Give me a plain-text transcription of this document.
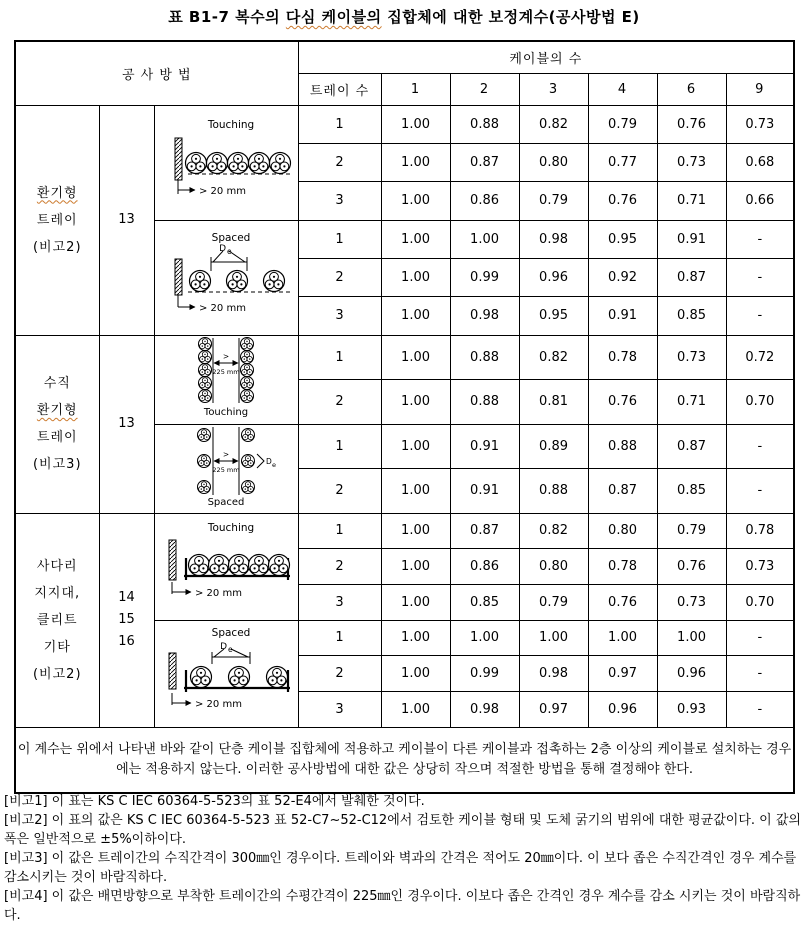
표 B1-7 복수의 다심 케이블의 집합체에 대한 보정계수(공사방법 E)
공 사 방 법			케이블의 수						
			트레이 수	1	2	3	4	6	9

환기형
트레이
(비고2)

13

Touching
> 20 mm
	1	1.00	0.88	0.82	0.79	0.76	0.73
			2	1.00	0.87	0.80	0.77	0.73	0.68
			3	1.00	0.86	0.79	0.76	0.71	0.66

Spaced
D e
> 20 mm	1	1.00	1.00	0.98	0.95	0.91	-
			2	1.00	0.99	0.96	0.92	0.87	-
			3	1.00	0.98	0.95	0.91	0.85	-

수직
환기형
트레이
(비고3)

13

>
225 mm
Touching
	1	1.00	0.88	0.82	0.78	0.73	0.72
			2	1.00	0.88	0.81	0.76	0.71	0.70

>
225 mm
D e
Spaced	1	1.00	0.91	0.89	0.88	0.87	-
			2	1.00	0.91	0.88	0.87	0.85	-

사다리
지지대,
클리트
기타
(비고2)

14
15
16

Touching
> 20 mm
	1	1.00	0.87	0.82	0.80	0.79	0.78
			2	1.00	0.86	0.80	0.78	0.76	0.73
			3	1.00	0.85	0.79	0.76	0.73	0.70

Spaced
D e
> 20 mm	1	1.00	1.00	1.00	1.00	1.00	-
			2	1.00	0.99	0.98	0.97	0.96	-
			3	1.00	0.98	0.97	0.96	0.93	-
이 계수는 위에서 나타낸 바와 같이 단층 케이블 집합체에 적용하고 케이블이 다른 케이블과 접촉하는 2층 이상의 케이블로 설치하는 경우에는 적용하지 않는다. 이러한 공사방법에 대한 값은 상당히 작으며 적절한 방법을 통해 결정해야 한다.									
[비고1] 이 표는 KS C IEC 60364-5-523의 표 52-E4에서 발췌한 것이다.
[비고2] 이 표의 값은 KS C IEC 60364-5-523 표 52-C7~52-C12에서 검토한 케이블 형태 및 도체 굵기의 범위에 대한 평균값이다. 이 값의 폭은 일반적으로 ±5%이하이다.
[비고3] 이 값은 트레이간의 수직간격이 300㎜인 경우이다. 트레이와 벽과의 간격은 적어도 20㎜이다. 이 보다 좁은 수직간격인 경우 계수를 감소시키는 것이 바람직하다.
[비고4] 이 값은 배면방향으로 부착한 트레이간의 수평간격이 225㎜인 경우이다. 이보다 좁은 간격인 경우 계수를 감소 시키는 것이 바람직하다.
